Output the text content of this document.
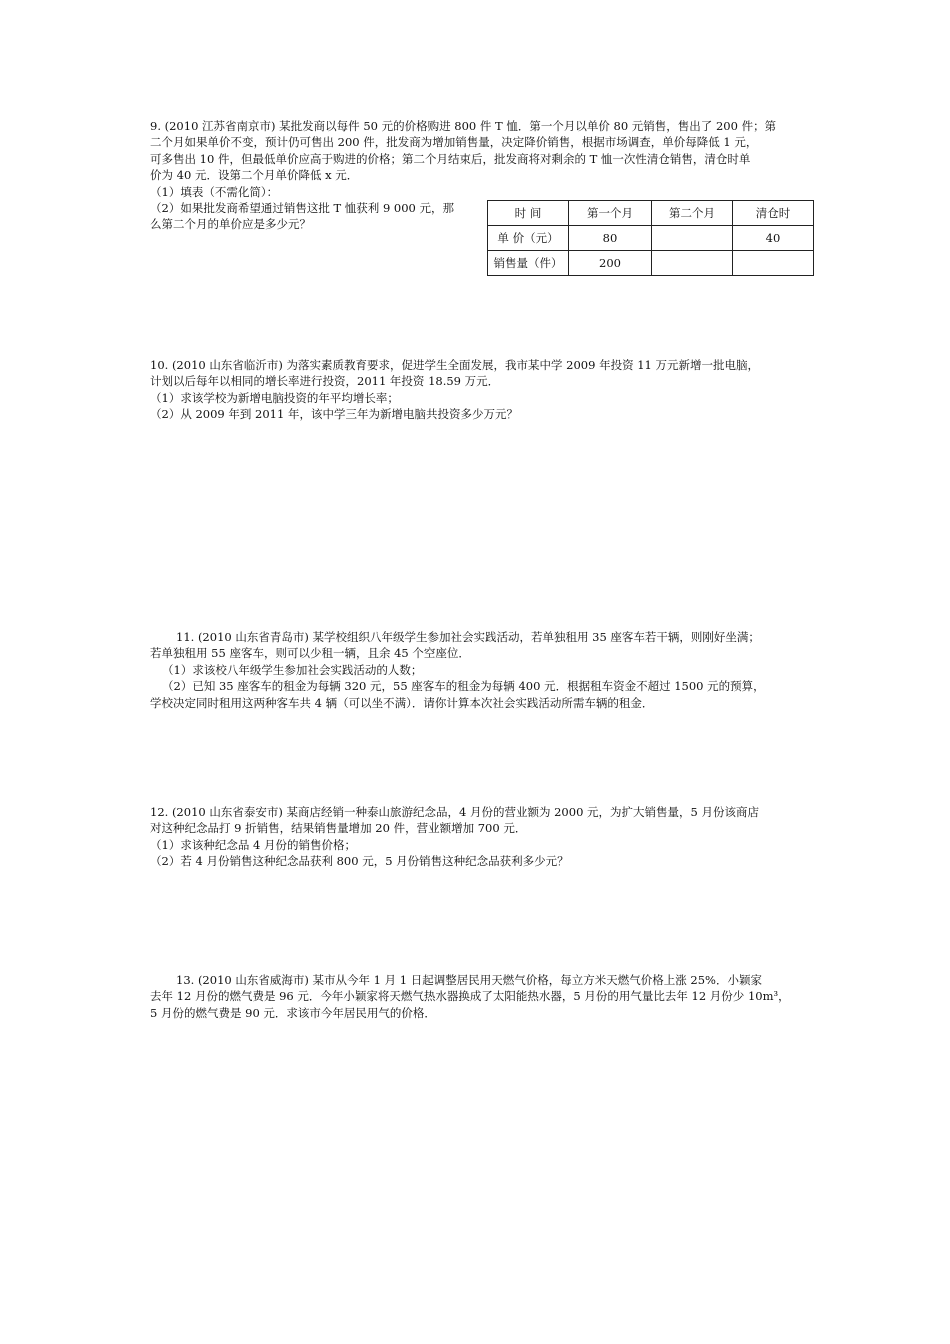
9. (2010 江苏省南京市) 某批发商以每件 50 元的价格购进 800 件 T 恤．第一个月以单价 80 元销售，售出了 200 件；第

二个月如果单价不变，预计仍可售出 200 件，批发商为增加销售量，决定降价销售，根据市场调查，单价每降低 1 元，

可多售出 10 件，但最低单价应高于购进的价格；第二个月结束后，批发商将对剩余的 T 恤一次性清仓销售，清仓时单

价为 40 元．设第二个月单价降低 x 元．

（1）填表（不需化简）：

（2）如果批发商希望通过销售这批 T 恤获利 9 000 元，那

么第二个月的单价应是多少元？

时 间	第一个月	第二个月	清仓时
单 价（元）	80		40
销售量（件）	200		

10. (2010 山东省临沂市) 为落实素质教育要求，促进学生全面发展，我市某中学 2009 年投资 11 万元新增一批电脑，

计划以后每年以相同的增长率进行投资，2011 年投资 18.59 万元．

（1）求该学校为新增电脑投资的年平均增长率；

（2）从 2009 年到 2011 年，该中学三年为新增电脑共投资多少万元？

11. (2010 山东省青岛市) 某学校组织八年级学生参加社会实践活动，若单独租用 35 座客车若干辆，则刚好坐满；

若单独租用 55 座客车，则可以少租一辆，且余 45 个空座位．

（1）求该校八年级学生参加社会实践活动的人数；

（2）已知 35 座客车的租金为每辆 320 元，55 座客车的租金为每辆 400 元．根据租车资金不超过 1500 元的预算，

学校决定同时租用这两种客车共 4 辆（可以坐不满）．请你计算本次社会实践活动所需车辆的租金．

12. (2010 山东省泰安市) 某商店经销一种泰山旅游纪念品，4 月份的营业额为 2000 元，为扩大销售量，5 月份该商店

对这种纪念品打 9 折销售，结果销售量增加 20 件，营业额增加 700 元．

（1）求该种纪念品 4 月份的销售价格；

（2）若 4 月份销售这种纪念品获利 800 元，5 月份销售这种纪念品获利多少元？

13. (2010 山东省威海市) 某市从今年 1 月 1 日起调整居民用天燃气价格，每立方米天燃气价格上涨 25%．小颖家

去年 12 月份的燃气费是 96 元．今年小颖家将天燃气热水器换成了太阳能热水器，5 月份的用气量比去年 12 月份少 10m³，

5 月份的燃气费是 90 元．求该市今年居民用气的价格．
